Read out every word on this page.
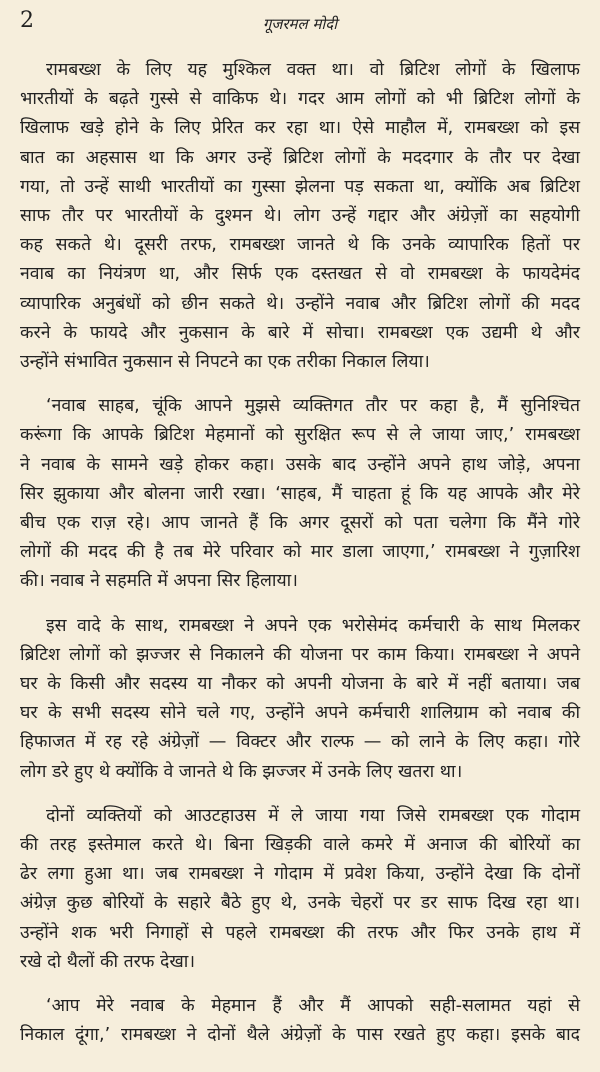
2	गूजरमल मोदी

रामबख्श के लिए यह मुश्किल वक्त था। वो ब्रिटिश लोगों के खिलाफ
भारतीयों के बढ़ते गुस्से से वाकिफ थे। गदर आम लोगों को भी ब्रिटिश लोगों के
खिलाफ खड़े होने के लिए प्रेरित कर रहा था। ऐसे माहौल में, रामबख्श को इस
बात का अहसास था कि अगर उन्हें ब्रिटिश लोगों के मददगार के तौर पर देखा
गया, तो उन्हें साथी भारतीयों का गुस्सा झेलना पड़ सकता था, क्योंकि अब ब्रिटिश
साफ तौर पर भारतीयों के दुश्मन थे। लोग उन्हें गद्दार और अंग्रेज़ों का सहयोगी
कह सकते थे। दूसरी तरफ, रामबख्श जानते थे कि उनके व्यापारिक हितों पर
नवाब का नियंत्रण था, और सिर्फ एक दस्तखत से वो रामबख्श के फायदेमंद
व्यापारिक अनुबंधों को छीन सकते थे। उन्होंने नवाब और ब्रिटिश लोगों की मदद
करने के फायदे और नुकसान के बारे में सोचा। रामबख्श एक उद्यमी थे और
उन्होंने संभावित नुकसान से निपटने का एक तरीका निकाल लिया।

‘नवाब साहब, चूंकि आपने मुझसे व्यक्तिगत तौर पर कहा है, मैं सुनिश्चित
करूंगा कि आपके ब्रिटिश मेहमानों को सुरक्षित रूप से ले जाया जाए,’ रामबख्श
ने नवाब के सामने खड़े होकर कहा। उसके बाद उन्होंने अपने हाथ जोड़े, अपना
सिर झुकाया और बोलना जारी रखा। ‘साहब, मैं चाहता हूं कि यह आपके और मेरे
बीच एक राज़ रहे। आप जानते हैं कि अगर दूसरों को पता चलेगा कि मैंने गोरे
लोगों की मदद की है तब मेरे परिवार को मार डाला जाएगा,’ रामबख्श ने गुज़ारिश
की। नवाब ने सहमति में अपना सिर हिलाया।

इस वादे के साथ, रामबख्श ने अपने एक भरोसेमंद कर्मचारी के साथ मिलकर
ब्रिटिश लोगों को झज्जर से निकालने की योजना पर काम किया। रामबख्श ने अपने
घर के किसी और सदस्य या नौकर को अपनी योजना के बारे में नहीं बताया। जब
घर के सभी सदस्य सोने चले गए, उन्होंने अपने कर्मचारी शालिग्राम को नवाब की
हिफाजत में रह रहे अंग्रेज़ों — विक्टर और राल्फ — को लाने के लिए कहा। गोरे
लोग डरे हुए थे क्योंकि वे जानते थे कि झज्जर में उनके लिए खतरा था।

दोनों व्यक्तियों को आउटहाउस में ले जाया गया जिसे रामबख्श एक गोदाम
की तरह इस्तेमाल करते थे। बिना खिड़की वाले कमरे में अनाज की बोरियों का
ढेर लगा हुआ था। जब रामबख्श ने गोदाम में प्रवेश किया, उन्होंने देखा कि दोनों
अंग्रेज़ कुछ बोरियों के सहारे बैठे हुए थे, उनके चेहरों पर डर साफ दिख रहा था।
उन्होंने शक भरी निगाहों से पहले रामबख्श की तरफ और फिर उनके हाथ में
रखे दो थैलों की तरफ देखा।

‘आप मेरे नवाब के मेहमान हैं और मैं आपको सही-सलामत यहां से
निकाल दूंगा,’ रामबख्श ने दोनों थैले अंग्रेज़ों के पास रखते हुए कहा। इसके बाद
